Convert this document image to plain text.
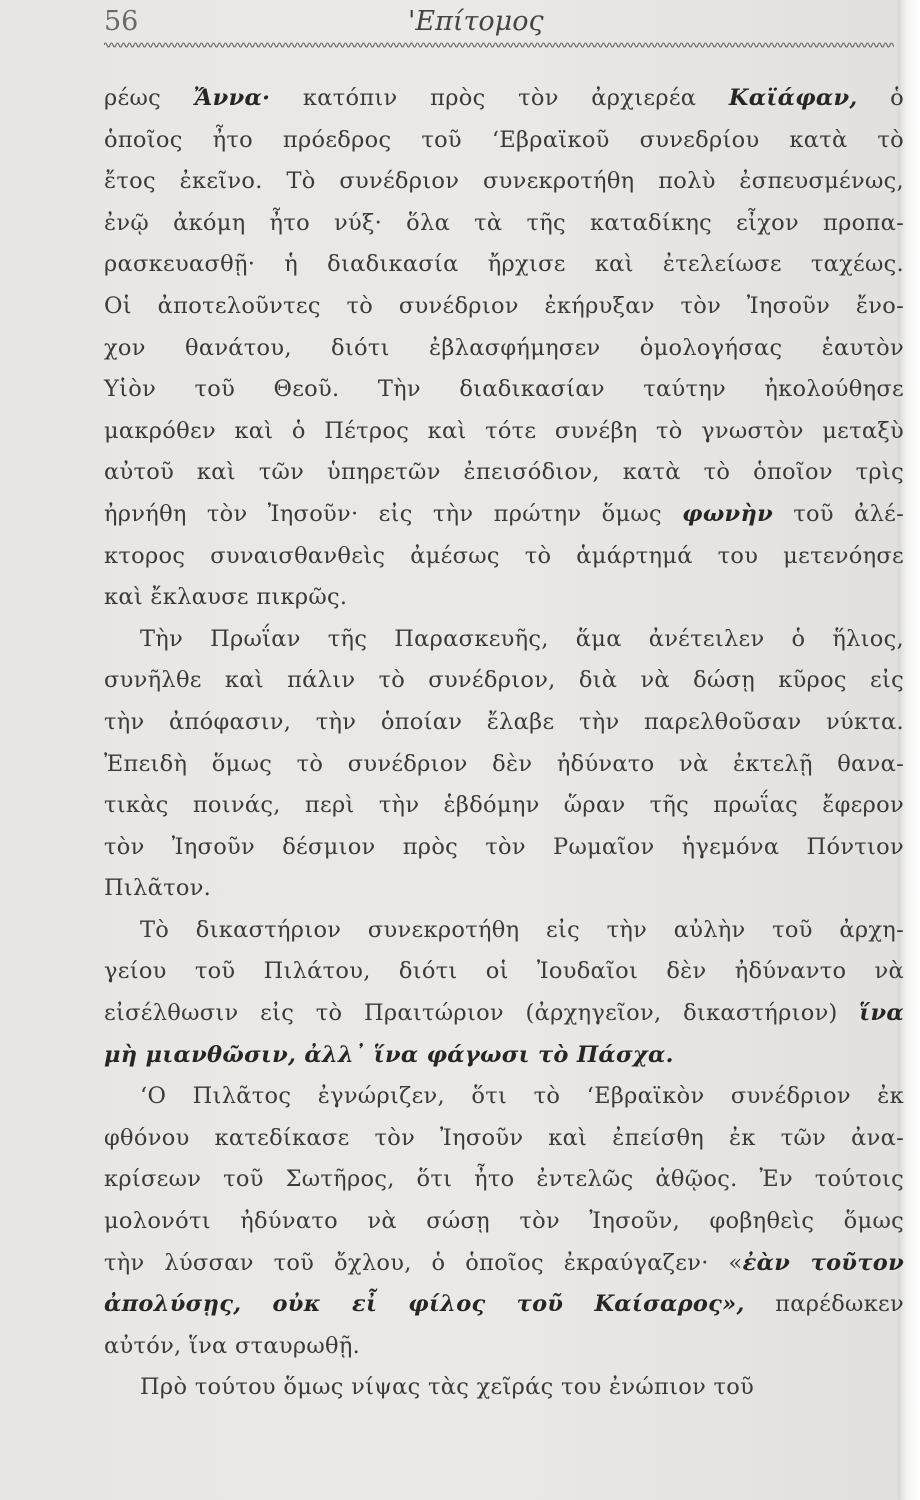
56	'Επίτομος
ρέως Ἄννα· κατόπιν πρὸς τὸν ἀρχιερέα Καϊάφαν, ὁ
ὁποῖος ἦτο πρόεδρος τοῦ ‘Εβραϊκοῦ συνεδρίου κατὰ τὸ
ἔτος ἐκεῖνο. Τὸ συνέδριον συνεκροτήθη πολὺ ἐσπευσμένως,
ἐνῷ ἀκόμη ἦτο νύξ· ὅλα τὰ τῆς καταδίκης εἶχον προπα-
ρασκευασθῇ· ἡ διαδικασία ἤρχισε καὶ ἐτελείωσε ταχέως.
Οἱ ἀποτελοῦντες τὸ συνέδριον ἐκήρυξαν τὸν Ἰησοῦν ἔνο-
χον θανάτου, διότι ἐβλασφήμησεν ὁμολογήσας ἑαυτὸν
Υἱὸν τοῦ Θεοῦ. Τὴν διαδικασίαν ταύτην ἠκολούθησε
μακρόθεν καὶ ὁ Πέτρος καὶ τότε συνέβη τὸ γνωστὸν μεταξὺ
αὐτοῦ καὶ τῶν ὑπηρετῶν ἐπεισόδιον, κατὰ τὸ ὁποῖον τρὶς
ἠρνήθη τὸν Ἰησοῦν· εἰς τὴν πρώτην ὅμως φωνὴν τοῦ ἀλέ-
κτορος συναισθανθεὶς ἀμέσως τὸ ἁμάρτημά του μετενόησε
καὶ ἔκλαυσε πικρῶς.
Τὴν Πρωΐαν τῆς Παρασκευῆς, ἅμα ἀνέτειλεν ὁ ἥλιος,
συνῆλθε καὶ πάλιν τὸ συνέδριον, διὰ νὰ δώσῃ κῦρος εἰς
τὴν ἀπόφασιν, τὴν ὁποίαν ἔλαβε τὴν παρελθοῦσαν νύκτα.
Ἐπειδὴ ὅμως τὸ συνέδριον δὲν ἠδύνατο νὰ ἐκτελῇ θανα-
τικὰς ποινάς, περὶ τὴν ἑβδόμην ὥραν τῆς πρωΐας ἔφερον
τὸν Ἰησοῦν δέσμιον πρὸς τὸν Ρωμαῖον ἡγεμόνα Πόντιον
Πιλᾶτον.
Τὸ δικαστήριον συνεκροτήθη εἰς τὴν αὐλὴν τοῦ ἀρχη-
γείου τοῦ Πιλάτου, διότι οἱ Ἰουδαῖοι δὲν ἠδύναντο νὰ
εἰσέλθωσιν εἰς τὸ Πραιτώριον (ἀρχηγεῖον, δικαστήριον) ἵνα
μὴ μιανθῶσιν, ἀλλ᾽ ἵνα φάγωσι τὸ Πάσχα.
‘Ο Πιλᾶτος ἐγνώριζεν, ὅτι τὸ ‘Εβραϊκὸν συνέδριον ἐκ
φθόνου κατεδίκασε τὸν Ἰησοῦν καὶ ἐπείσθη ἐκ τῶν ἀνα-
κρίσεων τοῦ Σωτῆρος, ὅτι ἦτο ἐντελῶς ἀθῷος. Ἐν τούτοις
μολονότι ἠδύνατο νὰ σώσῃ τὸν Ἰησοῦν, φοβηθεὶς ὅμως
τὴν λύσσαν τοῦ ὄχλου, ὁ ὁποῖος ἐκραύγαζεν· «ἐὰν τοῦτον
ἀπολύσῃς, οὐκ εἶ φίλος τοῦ Καίσαρος», παρέδωκεν
αὐτόν, ἵνα σταυρωθῇ.
Πρὸ τούτου ὅμως νίψας τὰς χεῖράς του ἐνώπιον τοῦ
